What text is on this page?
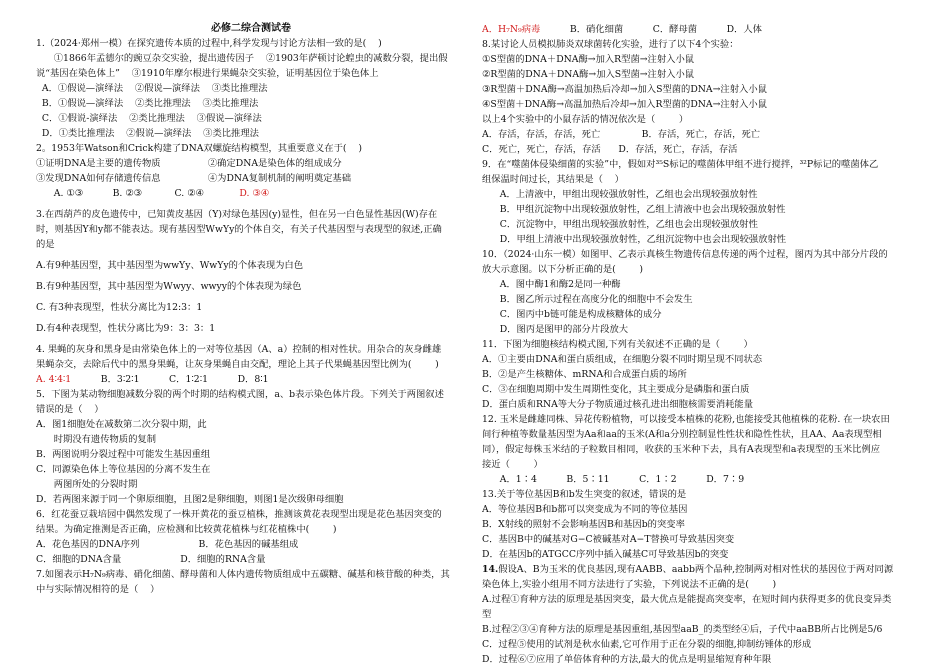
必修二综合测试卷
1.（2024·郑州一模）在探究遗传本质的过程中,科学发现与讨论方法相一致的是(    )
①1866年孟德尔的豌豆杂交实验，提出遗传因子    ②1903年萨顿讨论蝗虫的减数分裂，提出假
说“基因在染色体上”    ③1910年摩尔根进行果蝇杂交实验，证明基因位于染色体上
A．①假说—演绎法    ②假说—演绎法    ③类比推理法
B．①假说—演绎法    ②类比推理法    ③类比推理法
C．①假说-演绎法    ②类比推理法    ③假说—演绎法
D．①类比推理法    ②假说—演绎法    ③类比推理法
2。1953年Watson和Crick构建了DNA双螺旋结构模型，其重要意义在于(    )
①证明DNA是主要的遗传物质                ②确定DNA是染色体的组成成分
③发现DNA如何存储遗传信息                ④为DNA复制机制的阐明奠定基础
A. ①③          B. ②③           C. ②④            D. ③④
3.在西葫芦的皮色遗传中，已知黄皮基因（Y)对绿色基因(y)显性，但在另一白色显性基因(W)存在
时，则基因Y和y都不能表达。现有基因型WwYy的个体自交，有关子代基因型与表现型的叙述,正确
的是
A.有9种基因型，其中基因型为wwYy、WwYy的个体表现为白色
B.有9种基因型，其中基因型为Wwyy、wwyy的个体表现为绿色
C. 有3种表现型，性状分离比为12:3：1
D.有4种表现型，性状分离比为9：3：3：1
4. 果蝇的灰身和黑身是由常染色体上的一对等位基因（A、a）控制的相对性状。用杂合的灰身雌雄
果蝇杂交，去除后代中的黑身果蝇，让灰身果蝇自由交配，理论上其子代果蝇基因型比例为(        )
A. 4∶4∶1          B．3∶2∶1          C．1∶2∶1          D．8∶1
5．下图为某动物细胞减数分裂的两个时期的结构模式图，a、b表示染色体片段。下列关于两图叙述
错误的是（    ）
A．图1细胞处在减数第二次分裂中期，此
时期没有遗传物质的复制
B．两图说明分裂过程中可能发生基因重组
C．同源染色体上等位基因的分离不发生在
两图所处的分裂时期
D．若两图来源于同一个卵原细胞，且图2是卵细胞，则图1是次级卵母细胞
6．红花蚕豆栽培园中偶然发现了一株开黄花的蚕豆植株，推测该黄花表现型出现是花色基因突变的
结果。为确定推测是否正确，应检测和比较黄花植株与红花植株中(        )
A．花色基因的DNA序列                    B．花色基因的碱基组成
C．细胞的DNA含量                    D．细胞的RNA含量
7.如图表示H₇N₉病毒、硝化细菌、酵母菌和人体内遗传物质组成中五碳糖、碱基和核苷酸的种类，其
中与实际情况相符的是（    ）
A．H₇N₉病毒          B．硝化细菌          C．酵母菌          D．人体
8.某讨论人员模拟肺炎双球菌转化实验，进行了以下4个实验：
①S型菌的DNA＋DNA酶→加入R型菌→注射入小鼠
②R型菌的DNA＋DNA酶→加入S型菌→注射入小鼠
③R型菌＋DNA酶→高温加热后冷却→加入S型菌的DNA→注射入小鼠
④S型菌＋DNA酶→高温加热后冷却→加入R型菌的DNA→注射入小鼠
以上4个实验中的小鼠存活的情况依次是（        ）
A．存活，存活，存活，死亡              B．存活，死亡，存活，死亡
C．死亡，死亡，存活，存活      D．存活，死亡，存活，存活
9．在“噬菌体侵染细菌的实验”中，假如对³⁵S标记的噬菌体甲组不进行搅拌，³²P标记的噬菌体乙
组保温时间过长，其结果是（    ）
A．上清液中，甲组出现较强放射性，乙组也会出现较强放射性
B．甲组沉淀物中出现较强放射性，乙组上清液中也会出现较强放射性
C．沉淀物中，甲组出现较强放射性，乙组也会出现较强放射性
D．甲组上清液中出现较强放射性，乙组沉淀物中也会出现较强放射性
10．（2024·山东一模）如图甲、乙表示真核生物遗传信息传递的两个过程，图丙为其中部分片段的
放大示意图。以下分析正确的是(        )
A．图中酶1和酶2是同一种酶
B．图乙所示过程在高度分化的细胞中不会发生
C．图丙中b链可能是构成核糖体的成分
D．图丙是图甲的部分片段放大
11．下图为细胞核结构模式图,下列有关叙述不正确的是（        ）
A．①主要由DNA和蛋白质组成，在细胞分裂不同时期呈现不同状态
B．②是产生核糖体、mRNA和合成蛋白质的场所
C．③在细胞周期中发生周期性变化，其主要成分是磷脂和蛋白质
D．蛋白质和RNA等大分子物质通过核孔进出细胞核需要消耗能量
12. 玉米是雌雄同株、异花传粉植物，可以接受本植株的花粉,也能接受其他植株的花粉. 在一块农田
间行种植等数量基因型为Aa和aa的玉米(A和a分别控制显性性状和隐性性状，且AA、Aa表现型相
同），假定每株玉米结的子粒数目相同，收获的玉米种下去，具有A表现型和a表现型的玉米比例应
接近（        ）
A．1∶4          B．5∶11          C．1∶2          D．7∶9
13.关于等位基因B和b发生突变的叙述，错误的是
A．等位基因B和b都可以突变成为不同的等位基因
B．X射线的照射不会影响基因B和基因b的突变率
C．基因B中的碱基对G−C被碱基对A−T替换可导致基因突变
D．在基因b的ATGCC序列中插入碱基C可导致基因b的突变
14.假设A、B为玉米的优良基因,现有AABB、aabb两个品种,控制两对相对性状的基因位于两对同源
染色体上,实验小组用不同方法进行了实验，下列说法不正确的是(        )
A.过程①育种方法的原理是基因突变，最大优点是能提高突变率，在短时间内获得更多的优良变异类
型
B.过程②③④育种方法的原理是基因重组,基因型aaB_的类型经④后，子代中aaBB所占比例是5/6
C．过程⑤使用的试剂是秋水仙素,它可作用于正在分裂的细胞,抑制纺锤体的形成
D．过程⑥⑦应用了单倍体育种的方法,最大的优点是明显缩短育种年限
